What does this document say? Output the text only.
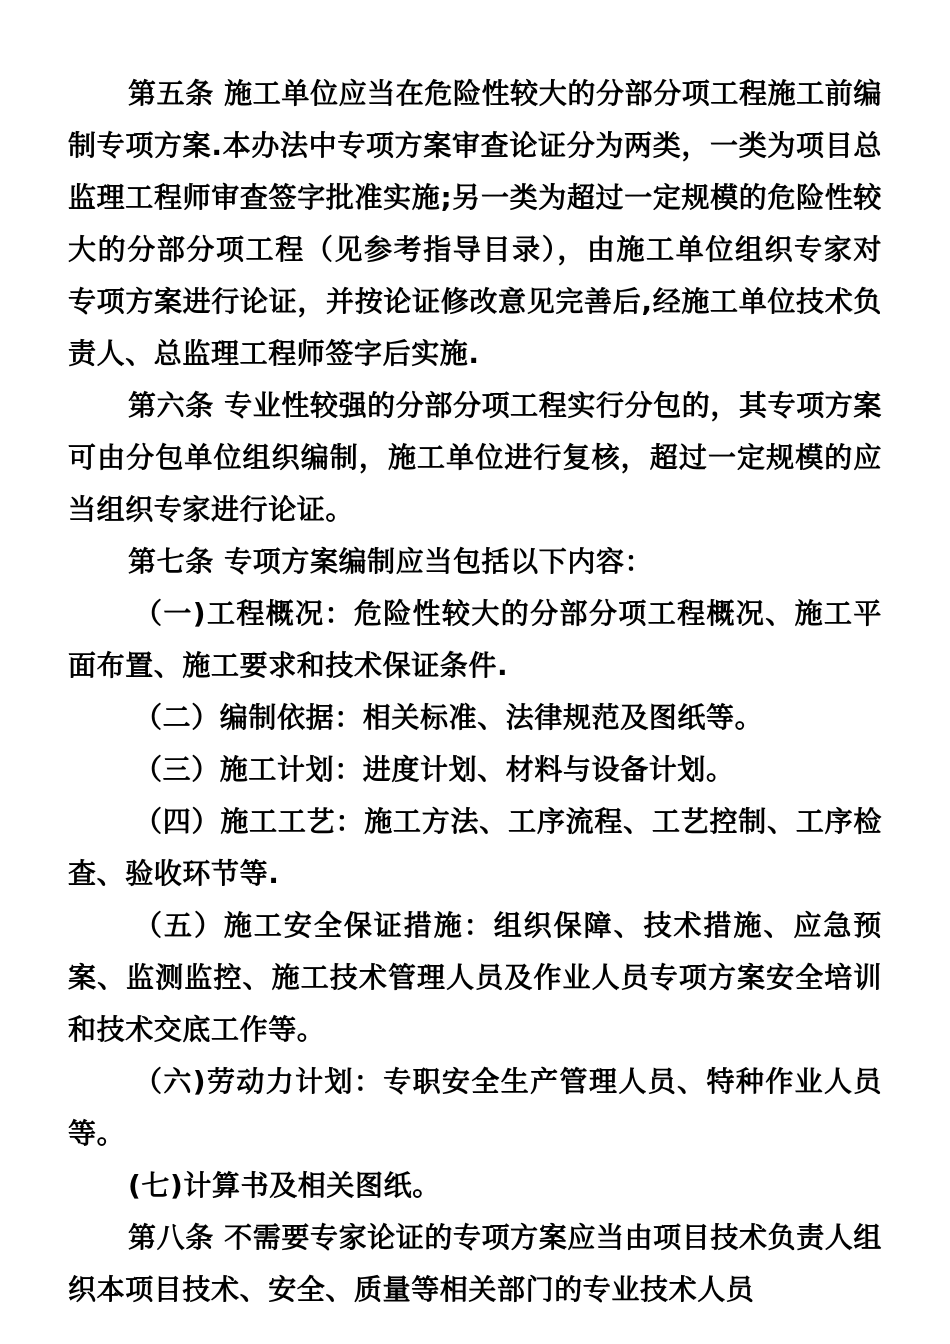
第五条 施工单位应当在危险性较大的分部分项工程施工前编制专项方案.本办法中专项方案审查论证分为两类，一类为项目总监理工程师审查签字批准实施;另一类为超过一定规模的危险性较大的分部分项工程（见参考指导目录），由施工单位组织专家对专项方案进行论证，并按论证修改意见完善后,经施工单位技术负责人、总监理工程师签字后实施.

第六条 专业性较强的分部分项工程实行分包的，其专项方案可由分包单位组织编制，施工单位进行复核，超过一定规模的应当组织专家进行论证。

第七条 专项方案编制应当包括以下内容：

（一)工程概况：危险性较大的分部分项工程概况、施工平面布置、施工要求和技术保证条件.

（二）编制依据：相关标准、法律规范及图纸等。

（三）施工计划：进度计划、材料与设备计划。

（四）施工工艺：施工方法、工序流程、工艺控制、工序检查、验收环节等.

（五）施工安全保证措施：组织保障、技术措施、应急预案、监测监控、施工技术管理人员及作业人员专项方案安全培训和技术交底工作等。

（六)劳动力计划：专职安全生产管理人员、特种作业人员等。

(七)计算书及相关图纸。

第八条 不需要专家论证的专项方案应当由项目技术负责人组织本项目技术、安全、质量等相关部门的专业技术人员
